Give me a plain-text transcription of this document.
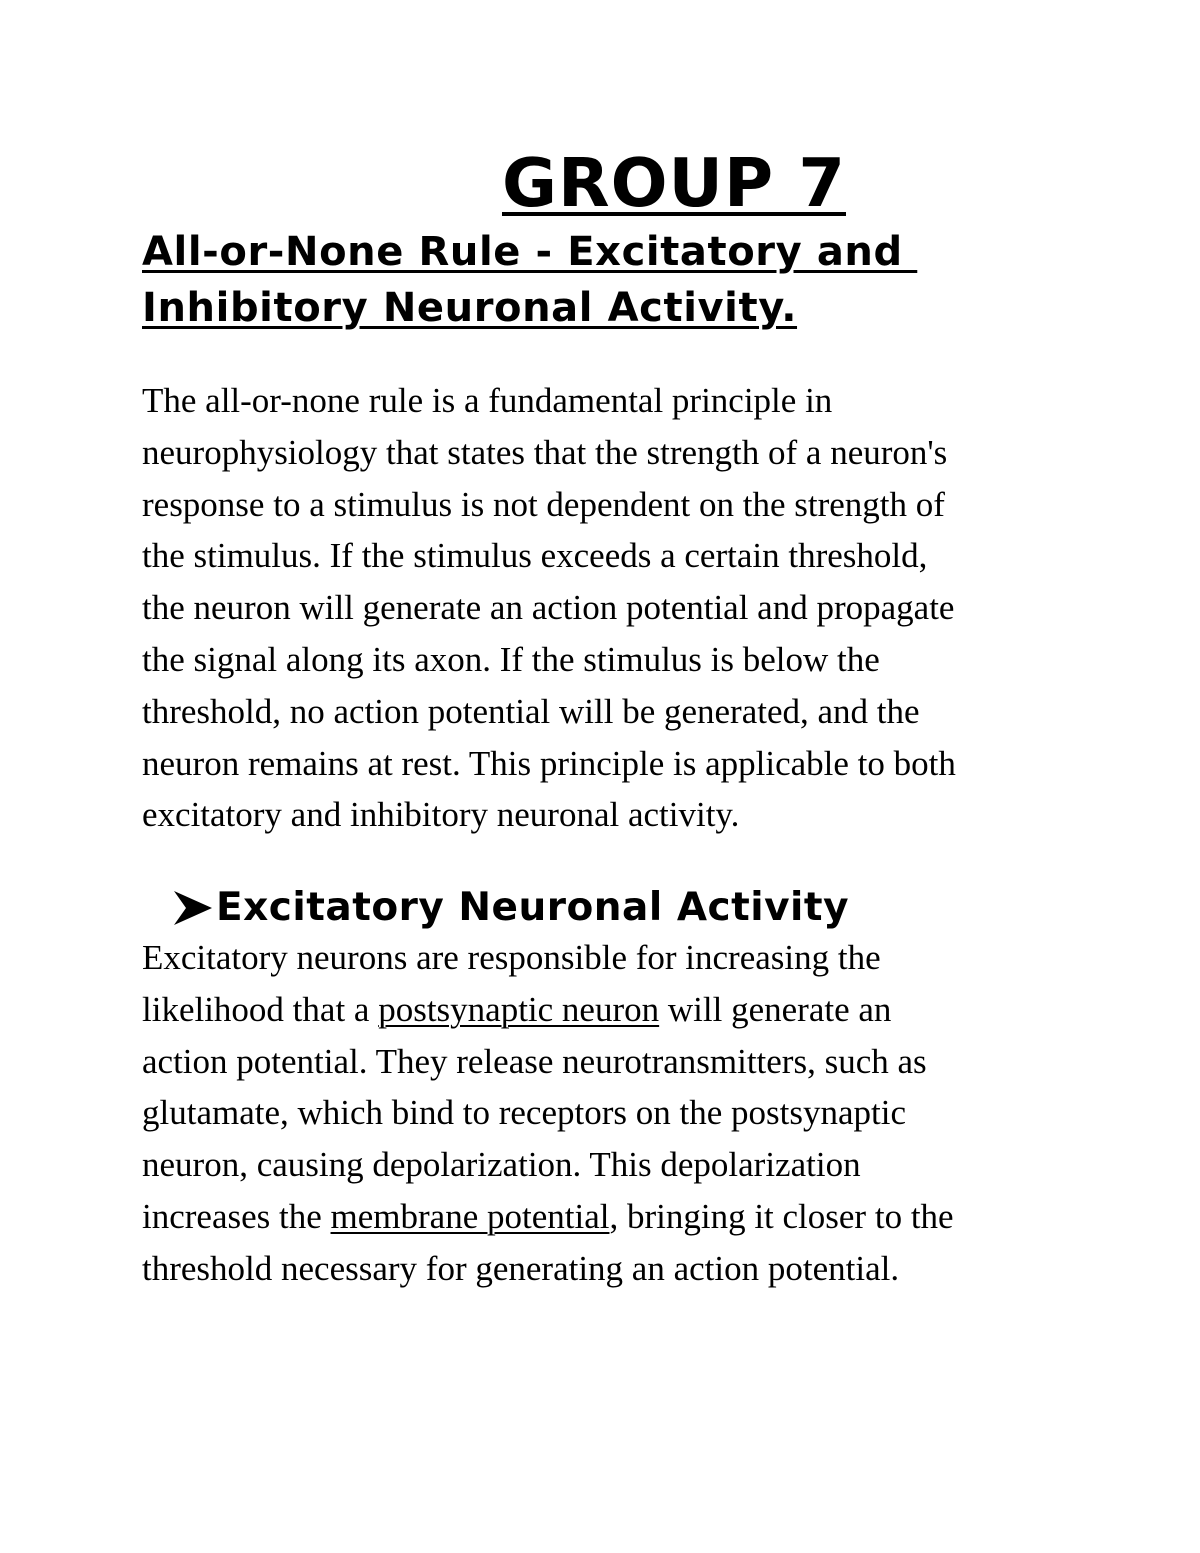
GROUP 7
All-or-None Rule - Excitatory and
Inhibitory Neuronal Activity.

The all-or-none rule is a fundamental principle in
neurophysiology that states that the strength of a neuron's
response to a stimulus is not dependent on the strength of
the stimulus. If the stimulus exceeds a certain threshold,
the neuron will generate an action potential and propagate
the signal along its axon. If the stimulus is below the
threshold, no action potential will be generated, and the
neuron remains at rest. This principle is applicable to both
excitatory and inhibitory neuronal activity.

Excitatory Neuronal Activity

Excitatory neurons are responsible for increasing the
likelihood that a postsynaptic neuron will generate an
action potential. They release neurotransmitters, such as
glutamate, which bind to receptors on the postsynaptic
neuron, causing depolarization. This depolarization
increases the membrane potential, bringing it closer to the
threshold necessary for generating an action potential.
